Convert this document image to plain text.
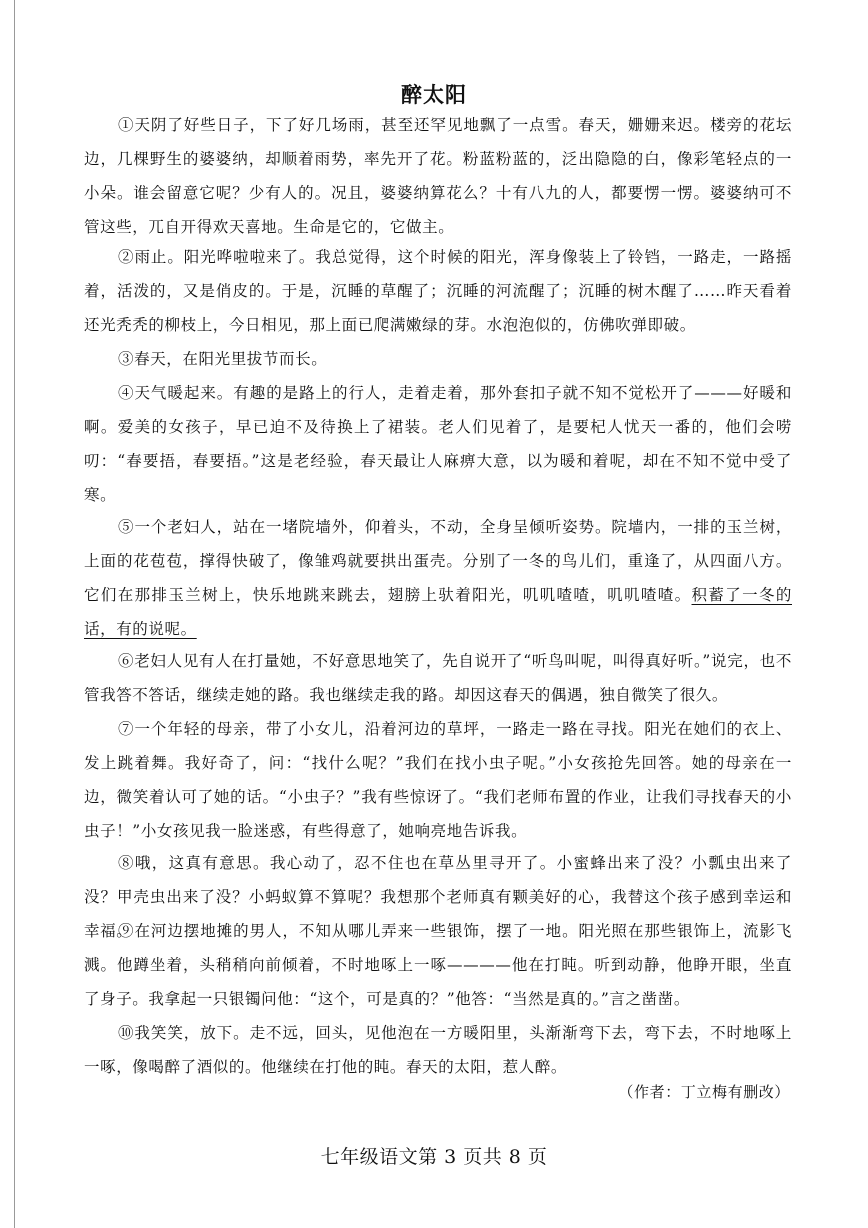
醉太阳

①天阴了好些日子，下了好几场雨，甚至还罕见地飘了一点雪。春天，姗姗来迟。楼旁的花坛边，几棵野生的婆婆纳，却顺着雨势，率先开了花。粉蓝粉蓝的，泛出隐隐的白，像彩笔轻点的一小朵。谁会留意它呢？少有人的。况且，婆婆纳算花么？十有八九的人，都要愣一愣。婆婆纳可不管这些，兀自开得欢天喜地。生命是它的，它做主。

②雨止。阳光哗啦啦来了。我总觉得，这个时候的阳光，浑身像装上了铃铛，一路走，一路摇着，活泼的，又是俏皮的。于是，沉睡的草醒了；沉睡的河流醒了；沉睡的树木醒了……昨天看着还光秃秃的柳枝上，今日相见，那上面已爬满嫩绿的芽。水泡泡似的，仿佛吹弹即破。

③春天，在阳光里拔节而长。

④天气暖起来。有趣的是路上的行人，走着走着，那外套扣子就不知不觉松开了———好暖和啊。爱美的女孩子，早已迫不及待换上了裙装。老人们见着了，是要杞人忧天一番的，他们会唠叨：“春要捂，春要捂。”这是老经验，春天最让人麻痹大意，以为暖和着呢，却在不知不觉中受了寒。

⑤一个老妇人，站在一堵院墙外，仰着头，不动，全身呈倾听姿势。院墙内，一排的玉兰树，上面的花苞苞，撑得快破了，像雏鸡就要拱出蛋壳。分别了一冬的鸟儿们，重逢了，从四面八方。它们在那排玉兰树上，快乐地跳来跳去，翅膀上驮着阳光，叽叽喳喳，叽叽喳喳。积蓄了一冬的话，有的说呢。

⑥老妇人见有人在打量她，不好意思地笑了，先自说开了“听鸟叫呢，叫得真好听。”说完，也不管我答不答话，继续走她的路。我也继续走我的路。却因这春天的偶遇，独自微笑了很久。

⑦一个年轻的母亲，带了小女儿，沿着河边的草坪，一路走一路在寻找。阳光在她们的衣上、发上跳着舞。我好奇了，问：“找什么呢？”我们在找小虫子呢。”小女孩抢先回答。她的母亲在一边，微笑着认可了她的话。“小虫子？”我有些惊讶了。“我们老师布置的作业，让我们寻找春天的小虫子！”小女孩见我一脸迷惑，有些得意了，她响亮地告诉我。

⑧哦，这真有意思。我心动了，忍不住也在草丛里寻开了。小蜜蜂出来了没？小瓢虫出来了没？甲壳虫出来了没？小蚂蚁算不算呢？我想那个老师真有颗美好的心，我替这个孩子感到幸运和幸福。

⑨在河边摆地摊的男人，不知从哪儿弄来一些银饰，摆了一地。阳光照在那些银饰上，流影飞溅。他蹲坐着，头稍稍向前倾着，不时地啄上一啄————他在打盹。听到动静，他睁开眼，坐直了身子。我拿起一只银镯问他：“这个，可是真的？”他答：“当然是真的。”言之凿凿。

⑩我笑笑，放下。走不远，回头，见他泡在一方暖阳里，头渐渐弯下去，弯下去，不时地啄上一啄，像喝醉了酒似的。他继续在打他的盹。春天的太阳，惹人醉。

（作者：丁立梅有删改）
七年级语文第 3 页共 8 页
